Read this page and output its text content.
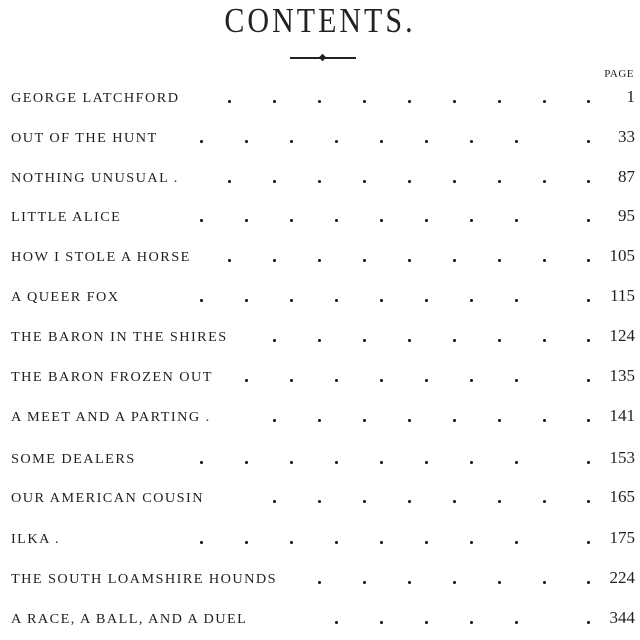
CONTENTS.
PAGE
GEORGE LATCHFORD	1
OUT OF THE HUNT	33
NOTHING UNUSUAL .	87
LITTLE ALICE	95
HOW I STOLE A HORSE	105
A QUEER FOX	115
THE BARON IN THE SHIRES	124
THE BARON FROZEN OUT	135
A MEET AND A PARTING .	141
SOME DEALERS	153
OUR AMERICAN COUSIN	165
ILKA .	175
THE SOUTH LOAMSHIRE HOUNDS	224
A RACE, A BALL, AND A DUEL	344
